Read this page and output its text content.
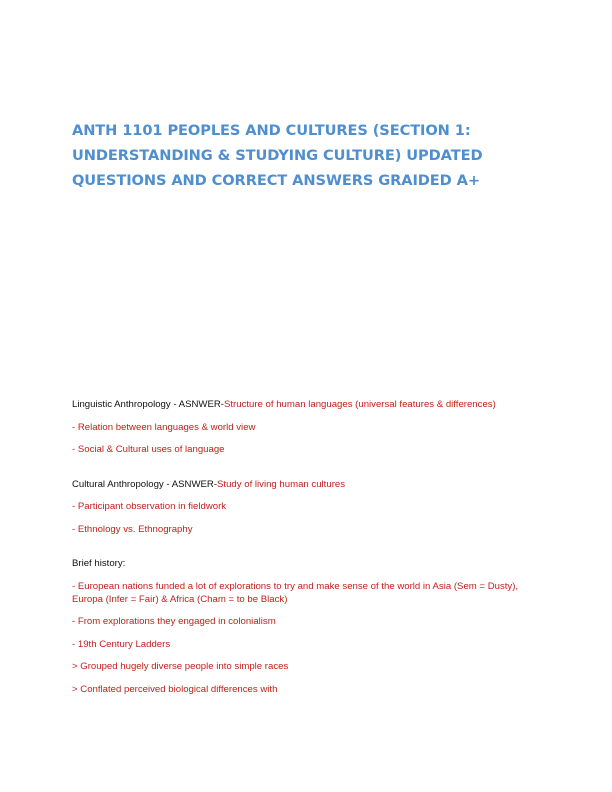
ANTH 1101 PEOPLES AND CULTURES (SECTION 1: UNDERSTANDING & STUDYING CULTURE) UPDATED QUESTIONS AND CORRECT ANSWERS GRAIDED A+

Linguistic Anthropology - ASNWER-Structure of human languages (universal features & differences)

- Relation between languages & world view

- Social & Cultural uses of language

Cultural Anthropology - ASNWER-Study of living human cultures

- Participant observation in fieldwork

- Ethnology vs. Ethnography

Brief history:

- European nations funded a lot of explorations to try and make sense of the world in Asia (Sem = Dusty), Europa (Infer = Fair) & Africa (Cham = to be Black)

- From explorations they engaged in colonialism

- 19th Century Ladders

> Grouped hugely diverse people into simple races

> Conflated perceived biological differences with
